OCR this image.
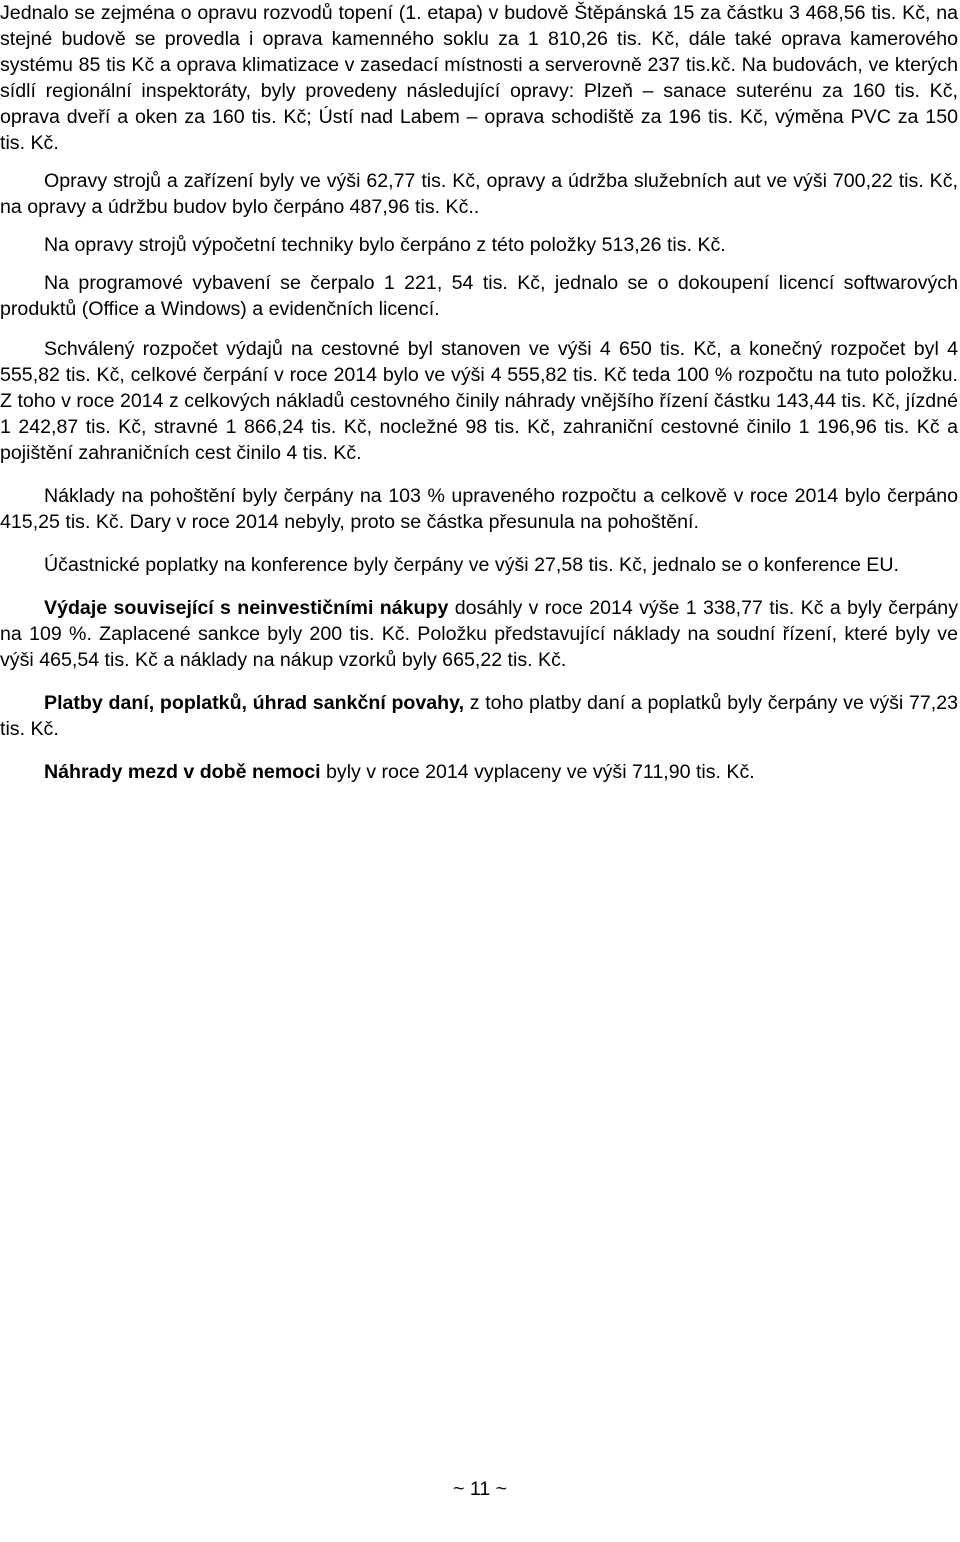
Jednalo se zejména o opravu rozvodů topení (1. etapa) v budově Štěpánská 15 za částku 3 468,56 tis. Kč, na stejné budově se provedla i oprava kamenného soklu za 1 810,26 tis. Kč, dále také oprava kamerového systému 85 tis Kč a oprava klimatizace v zasedací místnosti a serverovně 237 tis.kč. Na budovách, ve kterých sídlí regionální inspektoráty, byly provedeny následující opravy: Plzeň – sanace suterénu za 160 tis. Kč, oprava dveří a oken za 160 tis. Kč; Ústí nad Labem – oprava schodiště za 196 tis. Kč, výměna PVC za 150 tis. Kč.

Opravy strojů a zařízení byly ve výši 62,77 tis. Kč, opravy a údržba služebních aut ve výši 700,22 tis. Kč, na opravy a údržbu budov bylo čerpáno 487,96 tis. Kč..

Na opravy strojů výpočetní techniky bylo čerpáno z této položky 513,26 tis. Kč.

Na programové vybavení se čerpalo 1 221, 54 tis. Kč, jednalo se o dokoupení licencí softwarových produktů (Office a Windows) a evidenčních licencí.

Schválený rozpočet výdajů na cestovné byl stanoven ve výši 4 650 tis. Kč, a konečný rozpočet byl 4 555,82 tis. Kč, celkové čerpání v roce 2014 bylo ve výši 4 555,82 tis. Kč teda 100 % rozpočtu na tuto položku. Z toho v roce 2014 z celkových nákladů cestovného činily náhrady vnějšího řízení částku 143,44 tis. Kč, jízdné 1 242,87 tis. Kč, stravné 1 866,24 tis. Kč, nocležné 98 tis. Kč, zahraniční cestovné činilo 1 196,96 tis. Kč a pojištění zahraničních cest činilo 4 tis. Kč.

Náklady na pohoštění byly čerpány na 103 % upraveného rozpočtu a celkově v roce 2014 bylo čerpáno 415,25 tis. Kč. Dary v roce 2014 nebyly, proto se částka přesunula na pohoštění.

Účastnické poplatky na konference byly čerpány ve výši 27,58 tis. Kč, jednalo se o konference EU.

Výdaje související s neinvestičními nákupy dosáhly v roce 2014 výše 1 338,77 tis. Kč a byly čerpány na 109 %. Zaplacené sankce byly 200 tis. Kč. Položku představující náklady na soudní řízení, které byly ve výši 465,54 tis. Kč a náklady na nákup vzorků byly 665,22 tis. Kč.

Platby daní, poplatků, úhrad sankční povahy, z toho platby daní a poplatků byly čerpány ve výši 77,23 tis. Kč.

Náhrady mezd v době nemoci byly v roce 2014 vyplaceny ve výši 711,90 tis. Kč.

~ 11 ~
